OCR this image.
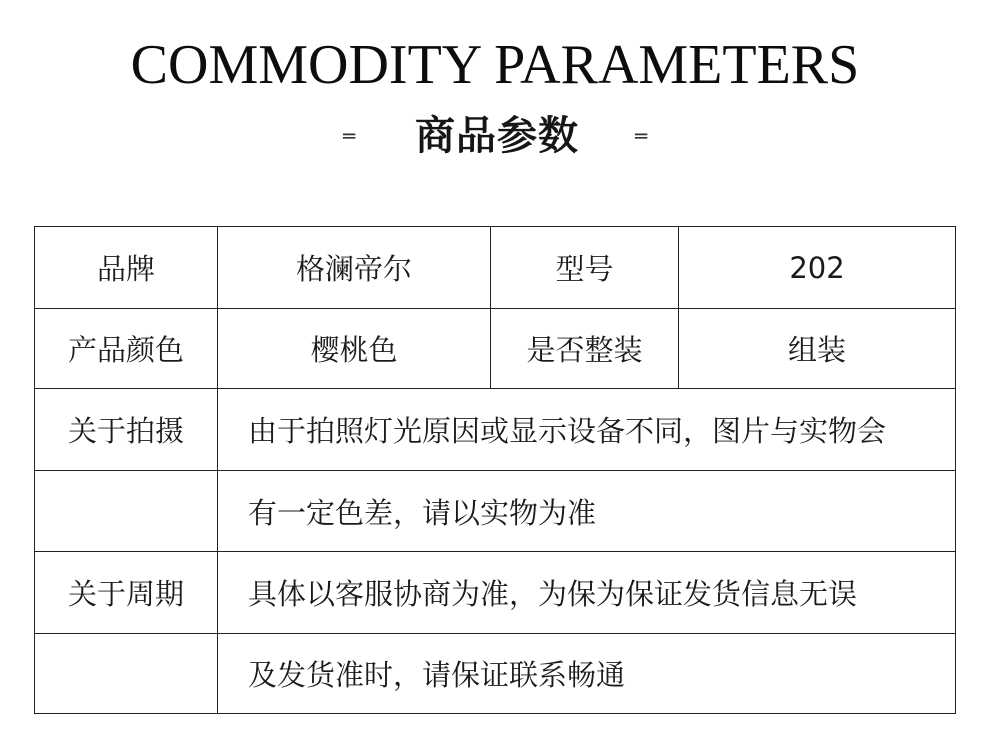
COMMODITY PARAMETERS
═ 商品参数	═
品牌	格澜帝尔	型号	202
产品颜色	樱桃色	是否整装	组装
关于拍摄	由于拍照灯光原因或显示设备不同，图片与实物会		
	有一定色差，请以实物为准		
关于周期	具体以客服协商为准，为保为保证发货信息无误		
	及发货准时，请保证联系畅通		
